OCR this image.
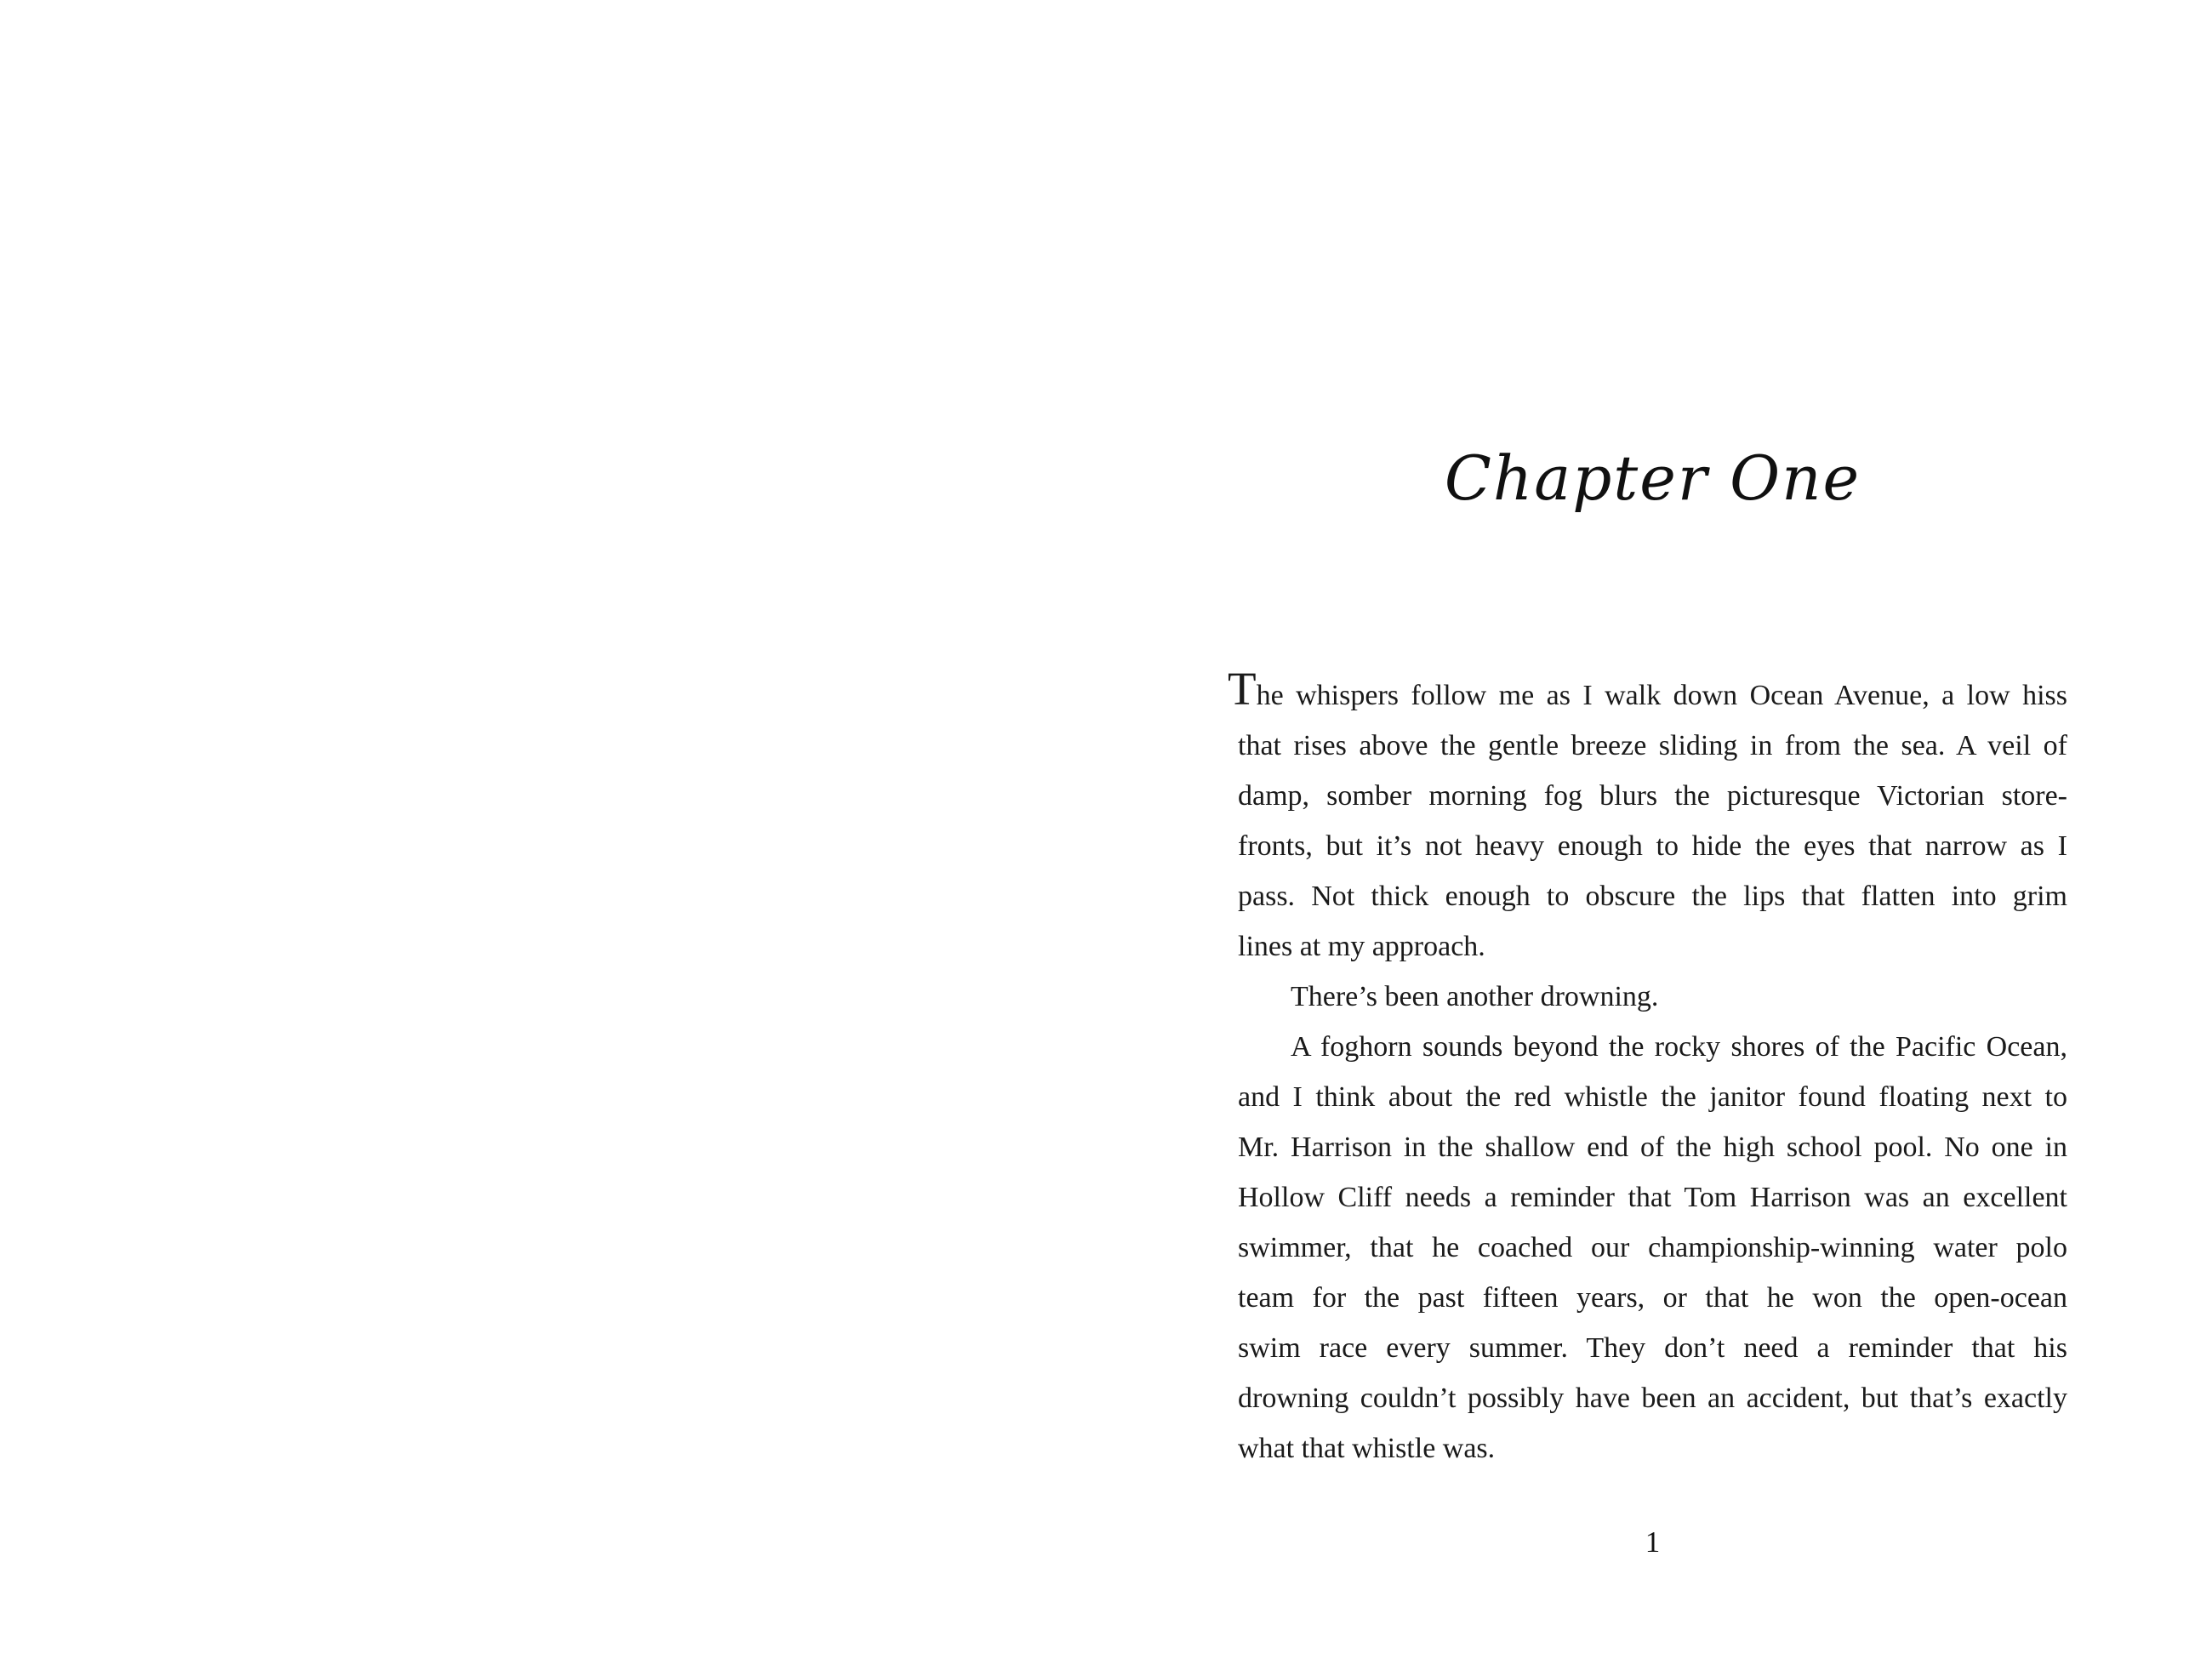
Chapter One
The whispers follow me as I walk down Ocean Avenue, a low hiss
that rises above the gentle breeze sliding in from the sea. A veil of
damp, somber morning fog blurs the picturesque Victorian store-
fronts, but it’s not heavy enough to hide the eyes that narrow as I
pass. Not thick enough to obscure the lips that flatten into grim
lines at my approach.
There’s been another drowning.
A foghorn sounds beyond the rocky shores of the Pacific Ocean,
and I think about the red whistle the janitor found floating next to
Mr. Harrison in the shallow end of the high school pool. No one in
Hollow Cliff needs a reminder that Tom Harrison was an excellent
swimmer, that he coached our championship-winning water polo
team for the past fifteen years, or that he won the open-ocean
swim race every summer. They don’t need a reminder that his
drowning couldn’t possibly have been an accident, but that’s exactly
what that whistle was.
1
